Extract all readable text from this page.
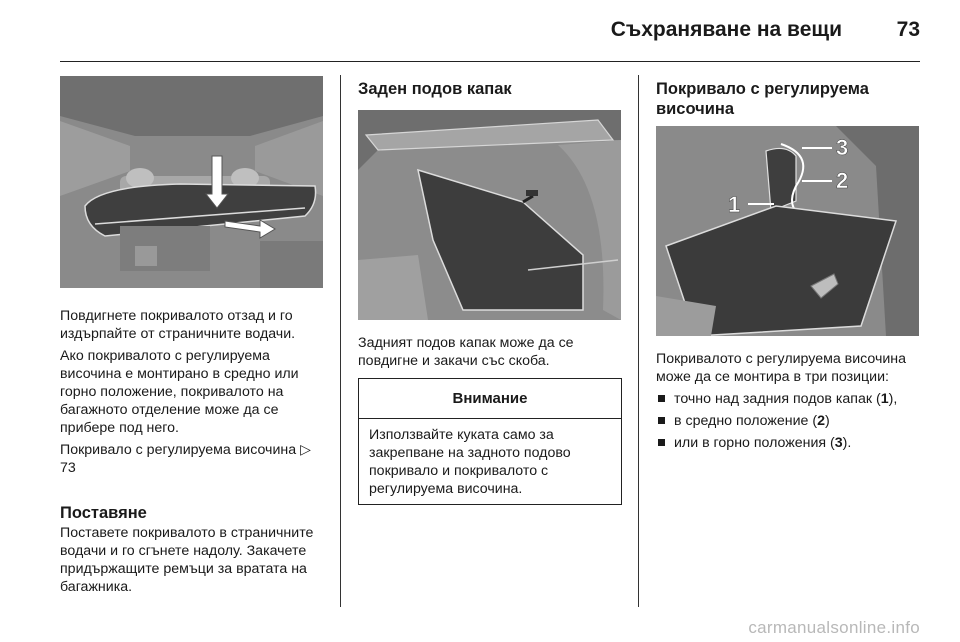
Съхраняване на вещи	73

Повдигнете покривалото отзад и го издърпайте от страничните водачи.

Ако покривалото с регулируема височина е монтирано в средно или горно положение, покривалото на багажното отделение може да се прибере под него.

Покривало с регулируема височина ▷ 73

Поставяне

Поставете покривалото в страничните водачи и го сгънете надолу. Закачете придържащите ремъци за вратата на багажника.

Заден подов капак

Задният подов капак може да се повдигне и закачи със скоба.

Внимание
Използвайте куката само за закрепване на задното подово покривало и покривалото с регулируема височина.
Покривало с регулируема височина
1
2
3

Покривалото с регулируема височина може да се монтира в три позиции:

точно над задния подов капак (1),
в средно положение (2)
или в горно положения (3).
carmanualsonline.info
